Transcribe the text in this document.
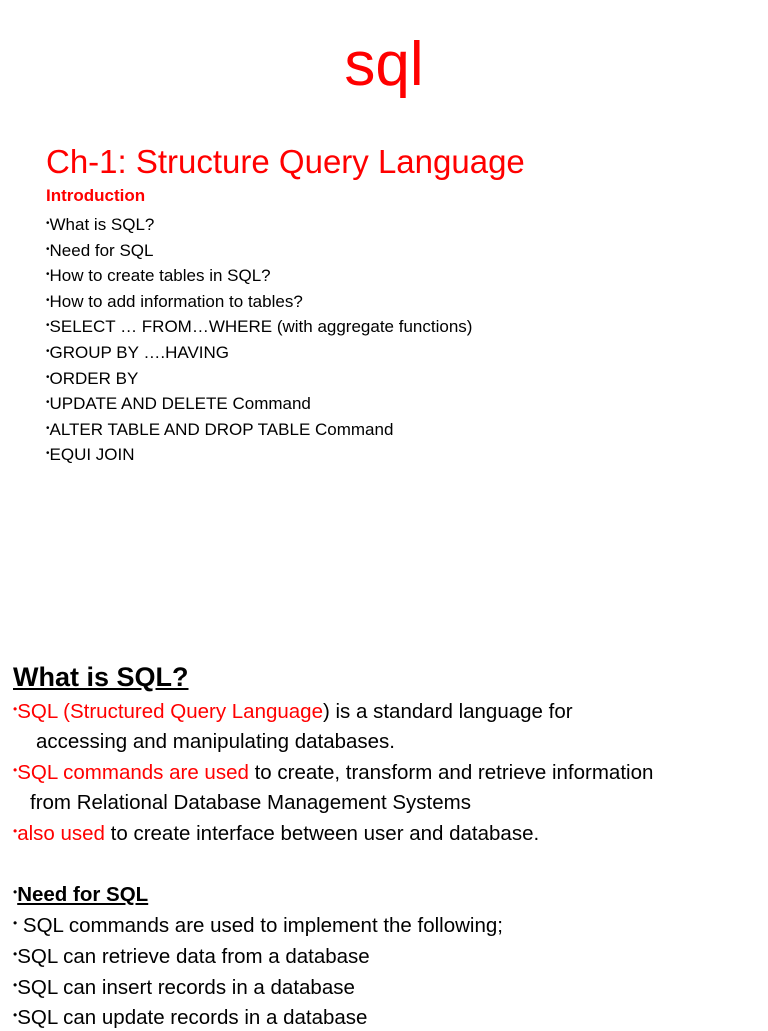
sql
Ch-1: Structure Query Language
Introduction
•What is SQL?
•Need for SQL
•How to create tables in SQL?
•How to add information to tables?
•SELECT … FROM…WHERE (with aggregate functions)
•GROUP BY ….HAVING
•ORDER BY
•UPDATE AND DELETE Command
•ALTER TABLE AND DROP TABLE Command
•EQUI JOIN
What is SQL?
•SQL (Structured Query Language) is a standard language for
accessing and manipulating databases.
•SQL commands are used to create, transform and retrieve information
from Relational Database Management Systems
•also used to create interface between user and database.
•Need for SQL
• SQL commands are used to implement the following;
•SQL can retrieve data from a database
•SQL can insert records in a database
•SQL can update records in a database
